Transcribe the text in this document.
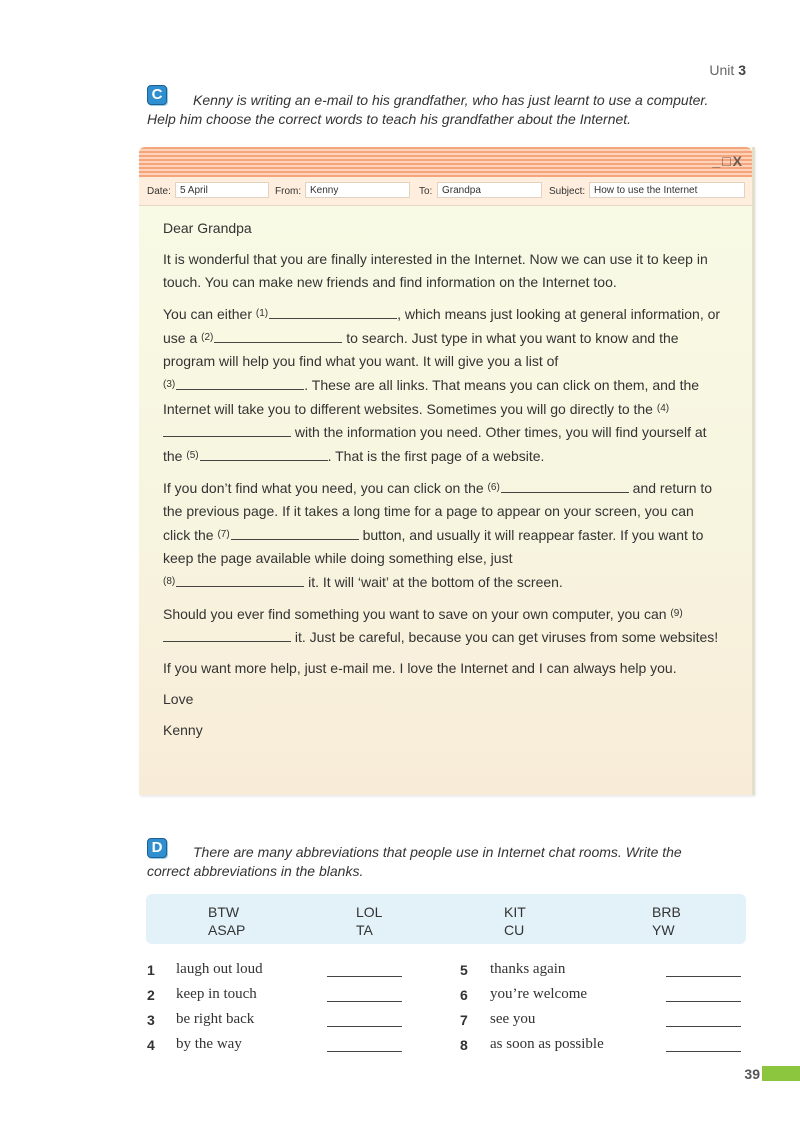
Unit 3
C	Kenny is writing an e-mail to his grandfather, who has just learnt to use a computer.
Help him choose the correct words to teach his grandfather about the Internet.
_□X
Date: 5 April	From: Kenny	To: Grandpa	Subject: How to use the Internet

Dear Grandpa

It is wonderful that you are finally interested in the Internet. Now we can use it to keep in touch. You can make new friends and find information on the Internet too.

You can either $^{(1)}$	, which means just looking at general information, or use a $^{(2)}$	to search. Just type in what you want to know and the program will help you find what you want. It will give you a list of
$^{(3)}$	. These are all links. That means you can click on them, and the Internet will take you to different websites. Sometimes you will go directly to the $^{(4)}$ with the information you need. Other times, you will find yourself at the $^{(5)}$	. That is the first page of a website.

If you don’t find what you need, you can click on the $^{(6)}$	and return to the previous page. If it takes a long time for a page to appear on your screen, you can click the $^{(7)}$	button, and usually it will reappear faster. If you want to keep the page available while doing something else, just
$^{(8)}$	it. It will ‘wait’ at the bottom of the screen.

Should you ever find something you want to save on your own computer, you can $^{(9)}$ it. Just be careful, because you can get viruses from some websites!

If you want more help, just e-mail me. I love the Internet and I can always help you.

Love

Kenny

D	There are many abbreviations that people use in Internet chat rooms. Write the
correct abbreviations in the blanks.
BTW	LOL	KIT	BRB
ASAP	TA	CU	YW
1 laugh out loud
2 keep in touch
3 be right back
4 by the way
5 thanks again
6 you’re welcome
7 see you
8 as soon as possible
39
